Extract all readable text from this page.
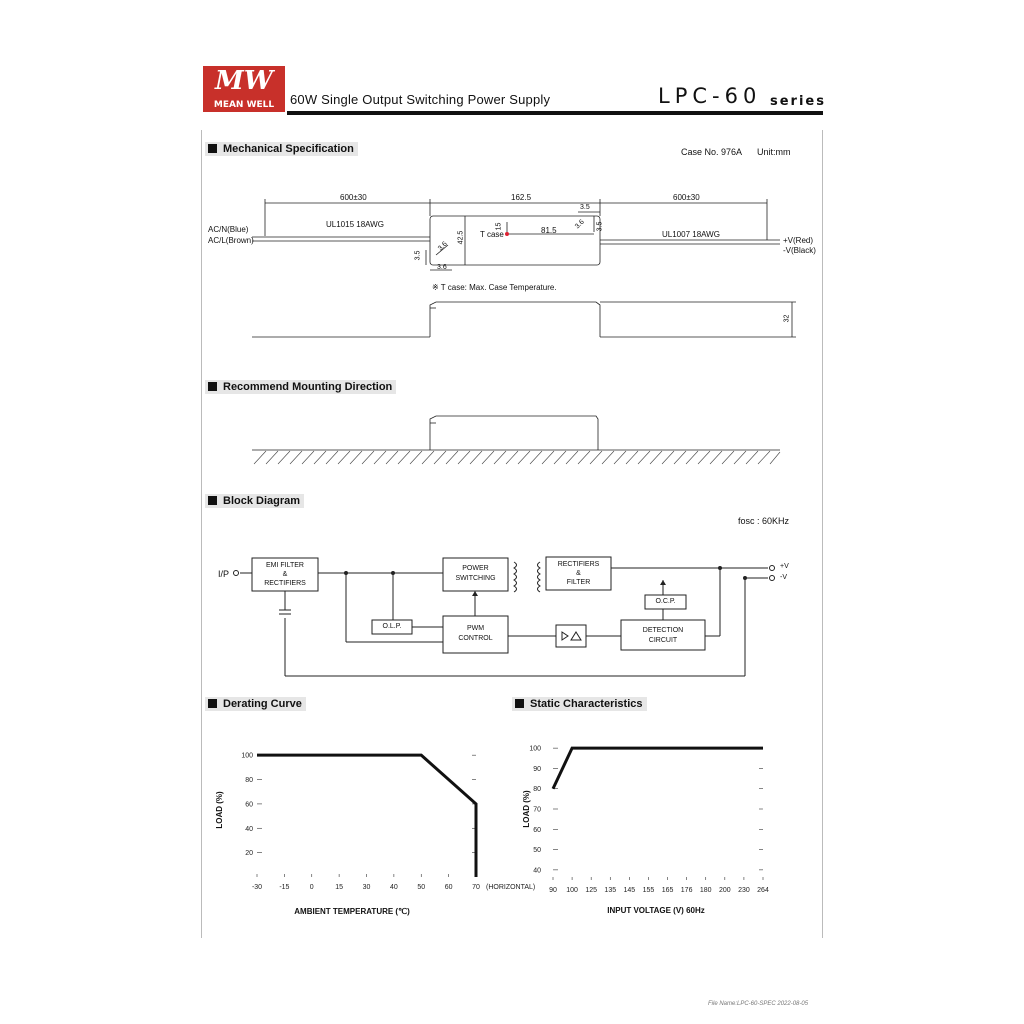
MW
MEAN WELL	60W Single Output Switching Power Supply	LPC-60 series
Mechanical Specification	Case No. 976A Unit:mm
600±30	162.5	600±30
UL1015 18AWG
UL1007 18AWG
AC/N(Blue)
AC/L(Brown)	+V(Red)
-V(Black)
T case	81.5
3.5
42.5
15
3.5
3.6
3.6
3.6 3.5
32
※ T case: Max. Case Temperature.
Recommend Mounting Direction
Block Diagram
fosc : 60KHz
I/P
EMI FILTER
&
RECTIFIERS
POWER
SWITCHING
RECTIFIERS
&
FILTER
O.L.P.	PWM
CONTROL
O.C.P.
DETECTION
CIRCUIT
+V
-V
Derating Curve	Static Characteristics
20
40
60
80
100
-30 -15	0	15	30	40	50	60	70 (HORIZONTAL)
AMBIENT TEMPERATURE (℃)
LOAD (%)
40
50
60
70
80
90
100
90 100 125 135 145 155 165 176 180 200 230 264
INPUT VOLTAGE (V) 60Hz
LOAD (%)
File Name:LPC-60-SPEC 2022-08-05
